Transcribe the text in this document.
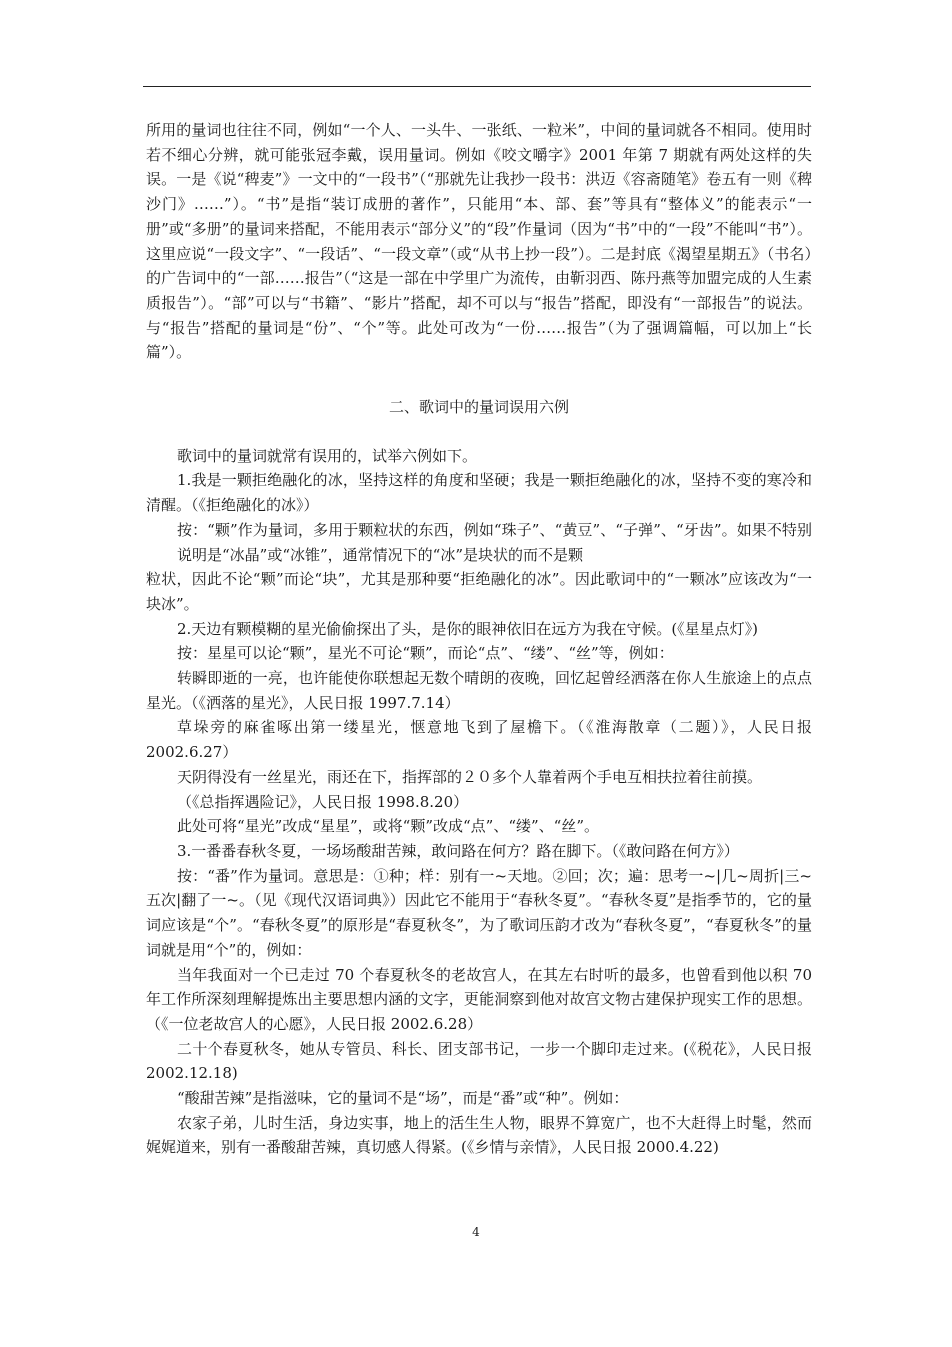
所用的量词也往往不同，例如“一个人、一头牛、一张纸、一粒米”，中间的量词就各不相同。使用时若不细心分辨，就可能张冠李戴，误用量词。例如《咬文嚼字》2001 年第 7 期就有两处这样的失误。一是《说“稗麦”》一文中的“一段书”（“那就先让我抄一段书：洪迈《容斋随笔》卷五有一则《稗沙门》……”）。“书”是指“装订成册的著作”，只能用“本、部、套”等具有“整体义”的能表示“一册”或“多册”的量词来搭配，不能用表示“部分义”的“段”作量词（因为“书”中的“一段”不能叫“书”）。这里应说“一段文字”、“一段话”、“一段文章”（或“从书上抄一段”）。二是封底《渴望星期五》（书名）的广告词中的“一部……报告”（“这是一部在中学里广为流传，由靳羽西、陈丹燕等加盟完成的人生素质报告”）。“部”可以与“书籍”、“影片”搭配，却不可以与“报告”搭配，即没有“一部报告”的说法。与“报告”搭配的量词是“份”、“个”等。此处可改为“一份……报告”（为了强调篇幅，可以加上“长篇”）。

二、歌词中的量词误用六例

歌词中的量词就常有误用的，试举六例如下。

1.我是一颗拒绝融化的冰，坚持这样的角度和坚硬；我是一颗拒绝融化的冰，坚持不变的寒冷和清醒。（《拒绝融化的冰》）

按：“颗”作为量词，多用于颗粒状的东西，例如“珠子”、“黄豆”、“子弹”、“牙齿”。如果不特别说明是“冰晶”或“冰锥”，通常情况下的“冰”是块状的而不是颗

粒状，因此不论“颗”而论“块”，尤其是那种要“拒绝融化的冰”。因此歌词中的“一颗冰”应该改为“一块冰”。

2.天边有颗模糊的星光偷偷探出了头，是你的眼神依旧在远方为我在守候。(《星星点灯》)

按：星星可以论“颗”，星光不可论“颗”，而论“点”、“缕”、“丝”等，例如：

转瞬即逝的一亮，也许能使你联想起无数个晴朗的夜晚，回忆起曾经洒落在你人生旅途上的点点星光。（《洒落的星光》，人民日报 1997.7.14）

草垛旁的麻雀啄出第一缕星光，惬意地飞到了屋檐下。（《淮海散章（二题）》，人民日报 2002.6.27）

天阴得没有一丝星光，雨还在下，指挥部的２０多个人靠着两个手电互相扶拉着往前摸。

（《总指挥遇险记》，人民日报 1998.8.20）

此处可将“星光”改成“星星”，或将“颗”改成“点”、“缕”、“丝”。

3.一番番春秋冬夏，一场场酸甜苦辣，敢问路在何方？路在脚下。（《敢问路在何方》）

按：“番”作为量词。意思是：①种；样：别有一~天地。②回；次；遍：思考一~|几~周折|三~五次|翻了一~。（见《现代汉语词典》）因此它不能用于“春秋冬夏”。“春秋冬夏”是指季节的，它的量词应该是“个”。“春秋冬夏”的原形是“春夏秋冬”，为了歌词压韵才改为“春秋冬夏”，“春夏秋冬”的量词就是用“个”的，例如：

当年我面对一个已走过 70 个春夏秋冬的老故宫人，在其左右时听的最多，也曾看到他以积 70 年工作所深刻理解提炼出主要思想内涵的文字，更能洞察到他对故宫文物古建保护现实工作的思想。（《一位老故宫人的心愿》，人民日报 2002.6.28）

二十个春夏秋冬，她从专管员、科长、团支部书记，一步一个脚印走过来。(《税花》，人民日报 2002.12.18)

“酸甜苦辣”是指滋味，它的量词不是“场”，而是“番”或“种”。例如：

农家子弟，儿时生活，身边实事，地上的活生生人物，眼界不算宽广，也不大赶得上时髦，然而娓娓道来，别有一番酸甜苦辣，真切感人得紧。(《乡情与亲情》，人民日报 2000.4.22)

4
